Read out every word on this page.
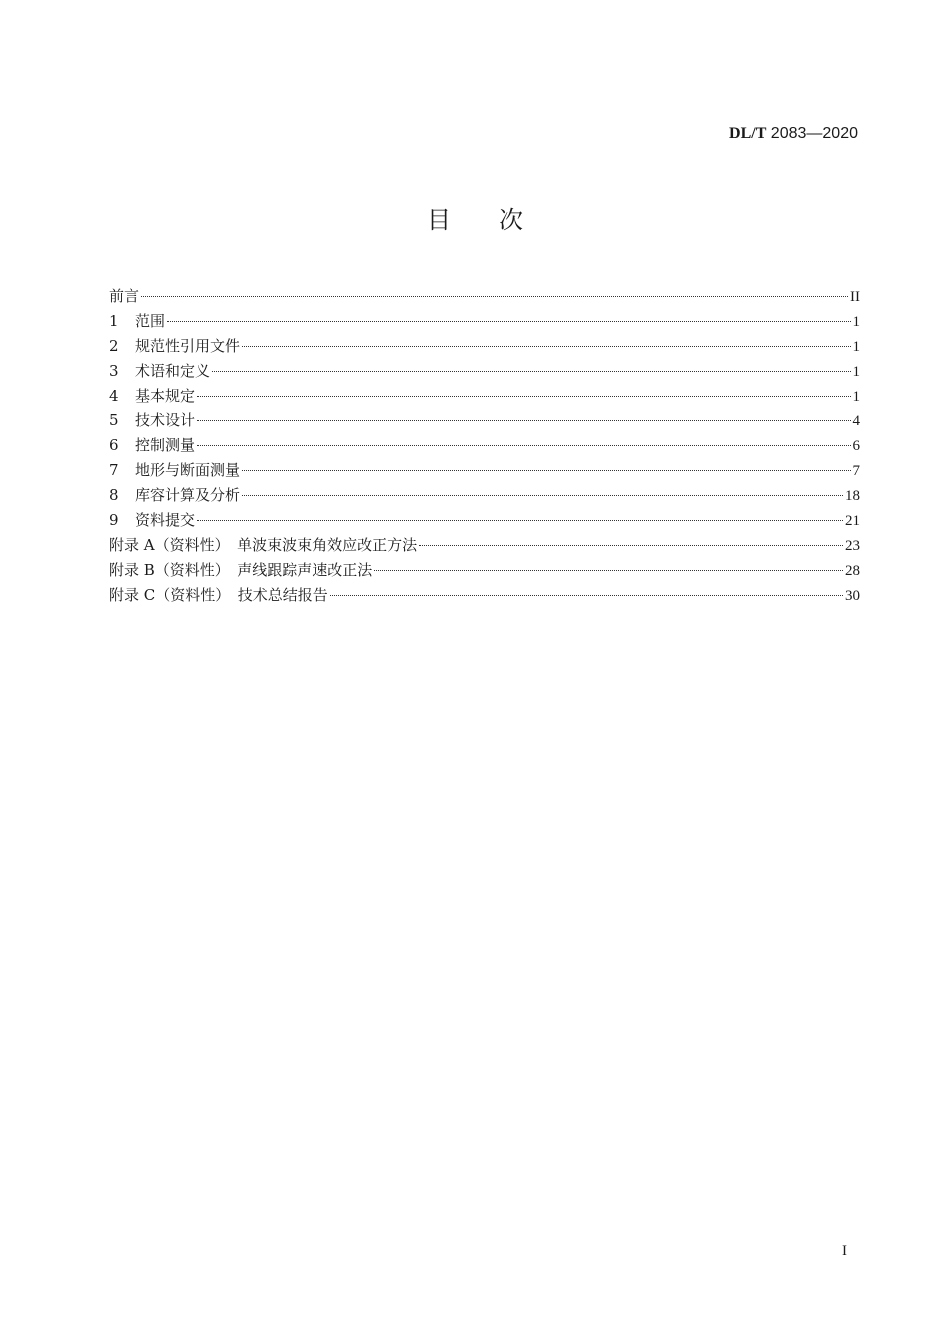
DL/T 2083—2020
目次
前言	II
1	范围	1
2	规范性引用文件	1
3	术语和定义	1
4	基本规定	1
5	技术设计	4
6	控制测量	6
7	地形与断面测量	7
8	库容计算及分析	18
9	资料提交	21
附录 A（资料性）　单波束波束角效应改正方法	23
附录 B（资料性）　声线跟踪声速改正法	28
附录 C（资料性）　技术总结报告	30
I
